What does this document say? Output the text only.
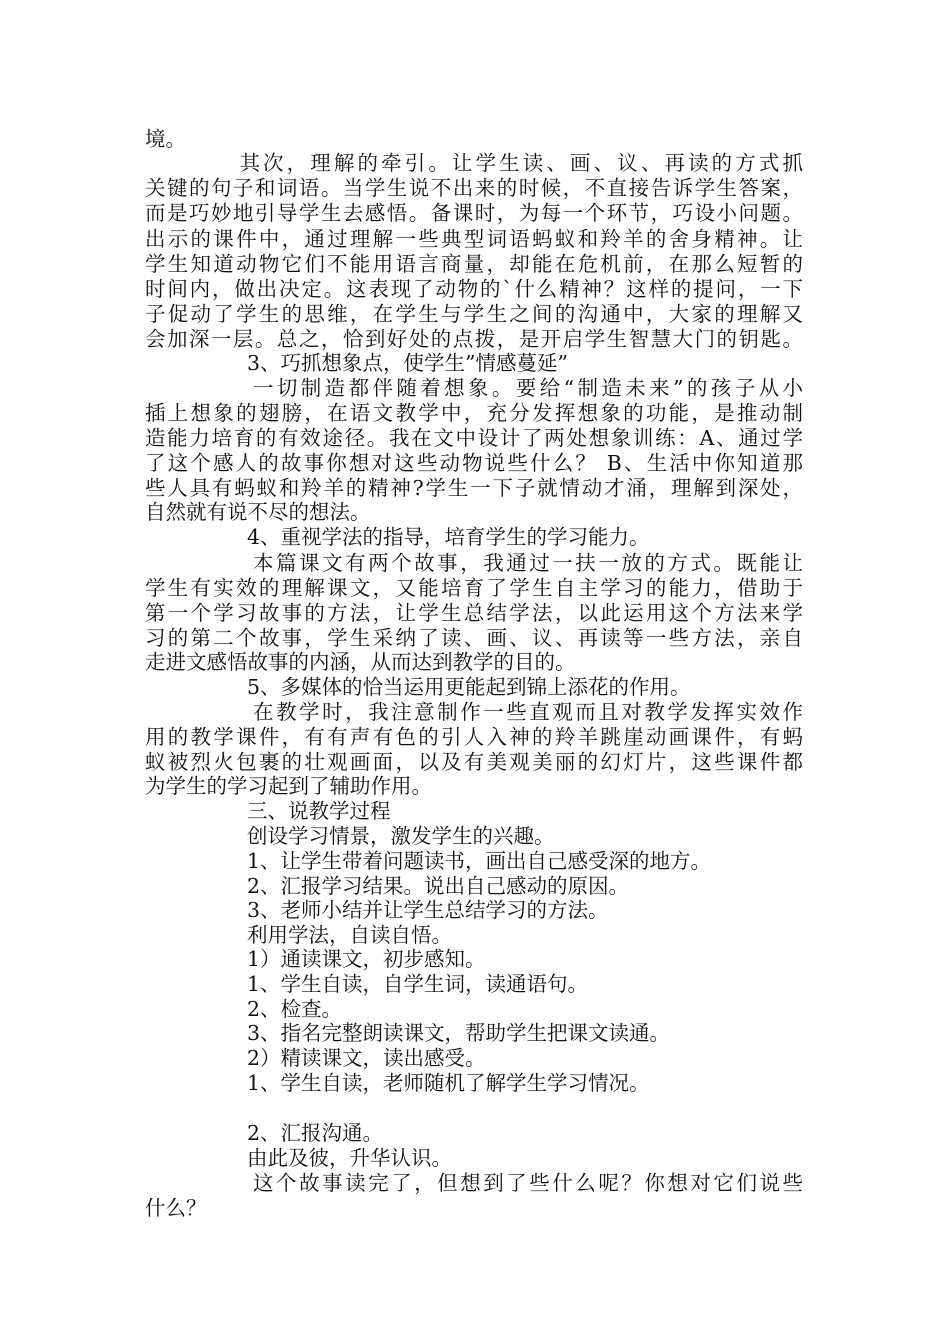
境。
　　　　其次，理解的牵引。让学生读、画、议、再读的方式抓
关键的句子和词语。当学生说不出来的时候，不直接告诉学生答案，
而是巧妙地引导学生去感悟。备课时，为每一个环节，巧设小问题。
出示的课件中，通过理解一些典型词语蚂蚁和羚羊的舍身精神。让
学生知道动物它们不能用语言商量，却能在危机前，在那么短暂的
时间内，做出决定。这表现了动物的`什么精神？这样的提问，一下
子促动了学生的思维，在学生与学生之间的沟通中，大家的理解又
会加深一层。总之，恰到好处的点拨，是开启学生智慧大门的钥匙。
3、巧抓想象点，使学生”情感蔓延”
一切制造都伴随着想象。要给“制造未来”的孩子从小
插上想象的翅膀，在语文教学中，充分发挥想象的功能，是推动制
造能力培育的有效途径。我在文中设计了两处想象训练：A、通过学
了这个感人的故事你想对这些动物说些什么？ B、生活中你知道那
些人具有蚂蚁和羚羊的精神?学生一下子就情动才涌，理解到深处，
自然就有说不尽的想法。
4、重视学法的指导，培育学生的学习能力。
本篇课文有两个故事，我通过一扶一放的方式。既能让
学生有实效的理解课文，又能培育了学生自主学习的能力，借助于
第一个学习故事的方法，让学生总结学法，以此运用这个方法来学
习的第二个故事，学生采纳了读、画、议、再读等一些方法，亲自
走进文感悟故事的内涵，从而达到教学的目的。
5、多媒体的恰当运用更能起到锦上添花的作用。
在教学时，我注意制作一些直观而且对教学发挥实效作
用的教学课件，有有声有色的引人入神的羚羊跳崖动画课件，有蚂
蚁被烈火包裹的壮观画面，以及有美观美丽的幻灯片，这些课件都
为学生的学习起到了辅助作用。
三、说教学过程
创设学习情景，激发学生的兴趣。
1、让学生带着问题读书，画出自己感受深的地方。
2、汇报学习结果。说出自己感动的原因。
3、老师小结并让学生总结学习的方法。
利用学法，自读自悟。
1）通读课文，初步感知。
1、学生自读，自学生词，读通语句。
2、检查。
3、指名完整朗读课文，帮助学生把课文读通。
2）精读课文，读出感受。
1、学生自读，老师随机了解学生学习情况。
2、汇报沟通。
由此及彼，升华认识。
这个故事读完了，但想到了些什么呢？你想对它们说些
什么？
